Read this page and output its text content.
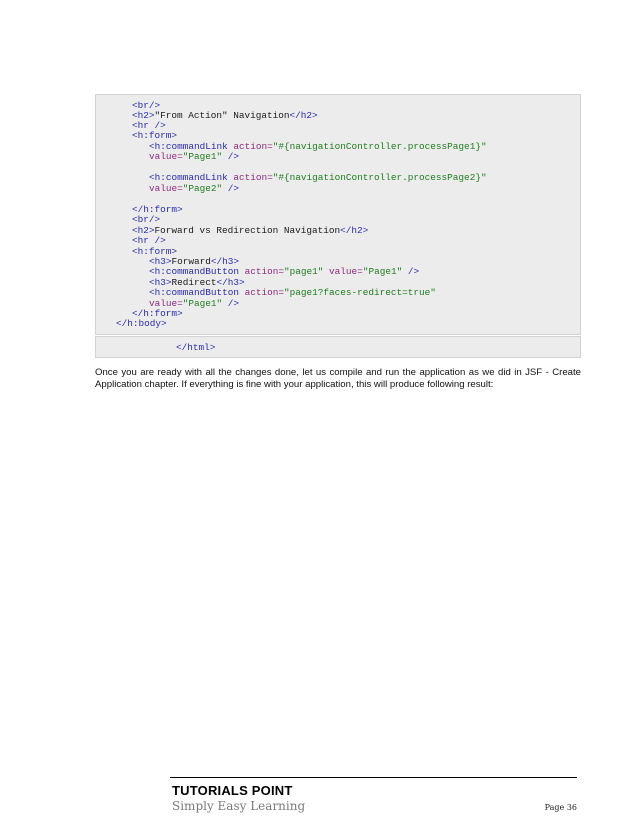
<br/>
<h2>"From Action" Navigation</h2>
<hr />
<h:form>
<h:commandLink action="#{navigationController.processPage1}"
value="Page1" />
<h:commandLink action="#{navigationController.processPage2}"
value="Page2" />
</h:form>
<br/>
<h2>Forward vs Redirection Navigation</h2>
<hr />
<h:form>
<h3>Forward</h3>
<h:commandButton action="page1" value="Page1" />
<h3>Redirect</h3>
<h:commandButton action="page1?faces-redirect=true"
value="Page1" />
</h:form>
</h:body>
</html>

Once you are ready with all the changes done, let us compile and run the application as we did in JSF - Create Application chapter. If everything is fine with your application, this will produce following result:

TUTORIALS POINT
Simply Easy Learning	Page 36
